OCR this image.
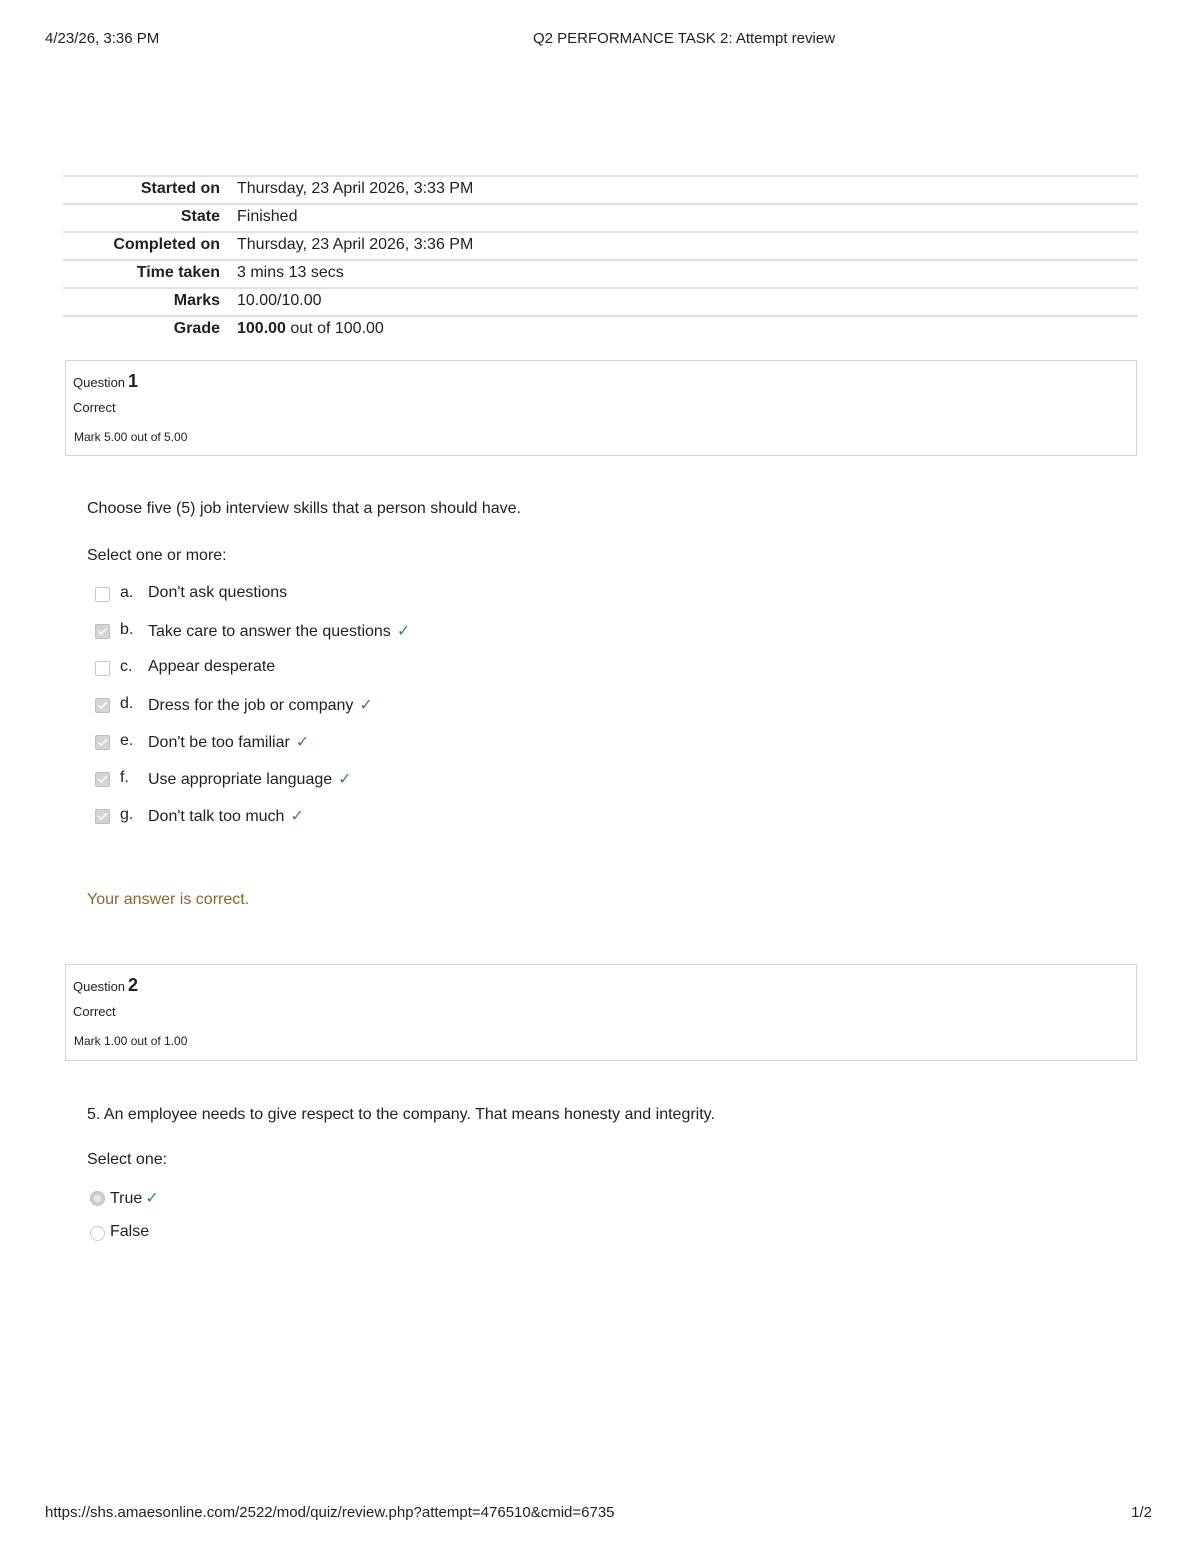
4/23/26, 3:36 PM	Q2 PERFORMANCE TASK 2: Attempt review
Started on Thursday, 23 April 2026, 3:33 PM
State Finished
Completed on Thursday, 23 April 2026, 3:36 PM
Time taken 3 mins 13 secs
Marks 10.00/10.00
Grade 100.00 out of 100.00
Question 1
Correct
Mark 5.00 out of 5.00
Choose five (5) job interview skills that a person should have.
Select one or more:
a. Don't ask questions
b. Take care to answer the questions ✓
c. Appear desperate
d. Dress for the job or company ✓
e. Don't be too familiar ✓
f. Use appropriate language ✓
g. Don't talk too much ✓
Your answer is correct.
Question 2
Correct
Mark 1.00 out of 1.00
5. An employee needs to give respect to the company. That means honesty and integrity.
Select one:
True ✓
False
https://shs.amaesonline.com/2522/mod/quiz/review.php?attempt=476510&cmid=6735	1/2
